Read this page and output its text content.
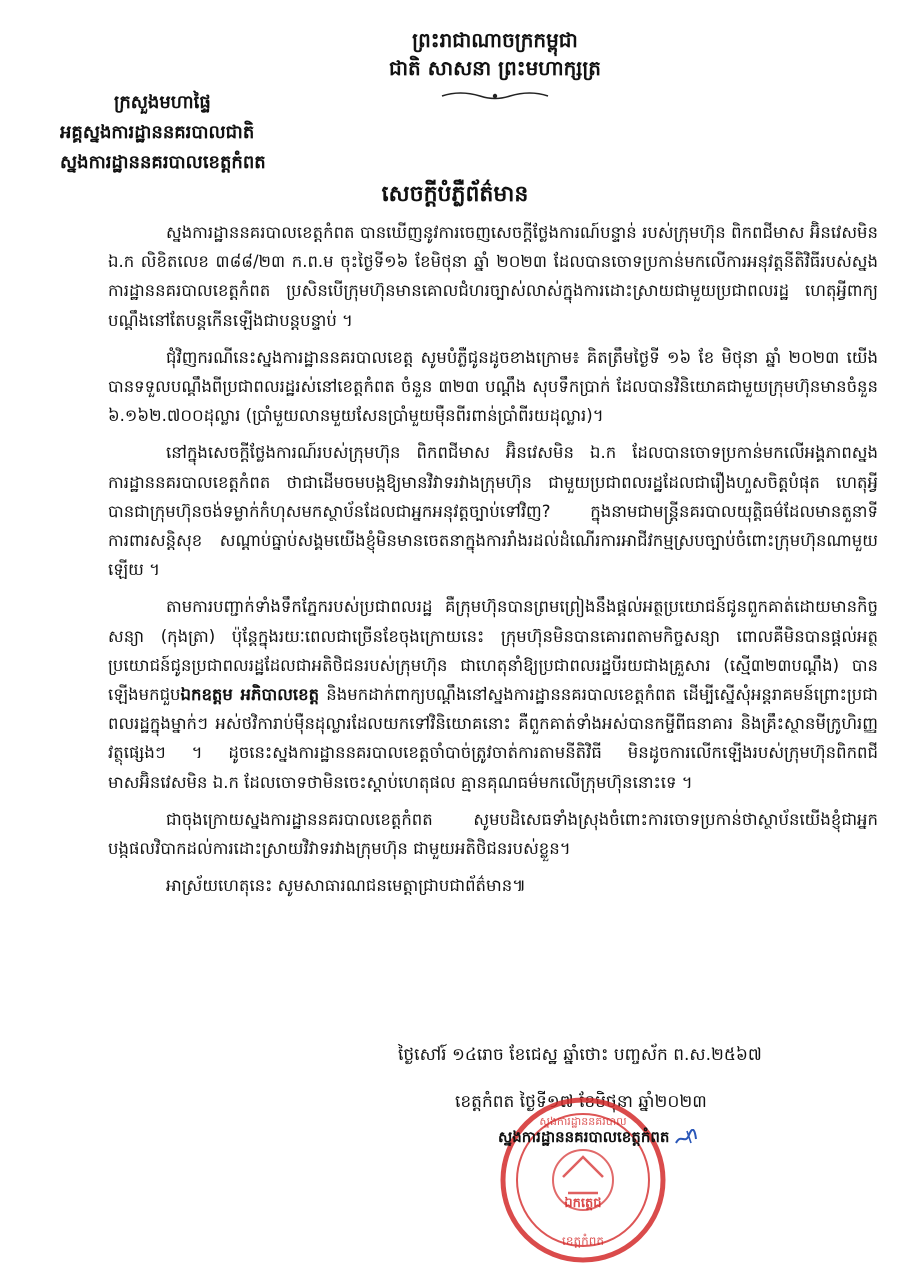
ព្រះរាជាណាចក្រកម្ពុជា
ជាតិ សាសនា ព្រះមហាក្សត្រ
ក្រសួងមហាផ្ទៃ
អគ្គស្នងការដ្ឋាននគរបាលជាតិ
ស្នងការដ្ឋាននគរបាលខេត្តកំពត
សេចក្តីបំភ្លឺព័ត៌មាន

ស្នងការដ្ឋាននគរបាលខេត្តកំពត បានឃើញនូវការចេញសេចក្តីថ្លែងការណ៍បន្ទាន់ របស់ក្រុមហ៊ុន ពិកពជីមាស អ៊ិនវេសមិន ឯ.ក លិខិតលេខ ៣៨៨/២៣ ក.ព.ម ចុះថ្ងៃទី១៦ ខែមិថុនា ឆ្នាំ ២០២៣ ដែលបានចោទប្រកាន់មកលើការអនុវត្តនីតិវិធីរបស់ស្នងការដ្ឋាននគរបាលខេត្តកំពត ប្រសិនបើក្រុមហ៊ុនមានគោលជំហរច្បាស់លាស់ក្នុងការដោះស្រាយជាមួយប្រជាពលរដ្ឋ ហេតុអ្វីពាក្យបណ្តឹងនៅតែបន្តកើនឡើងជាបន្តបន្ទាប់ ។

ជុំវិញករណីនេះស្នងការដ្ឋាននគរបាលខេត្ត សូមបំភ្លឺជូនដូចខាងក្រោម៖ គិតត្រឹមថ្ងៃទី ១៦ ខែ មិថុនា ឆ្នាំ ២០២៣ យើងបានទទួលបណ្តឹងពីប្រជាពលរដ្ឋរស់នៅខេត្តកំពត ចំនួន ៣២៣ បណ្តឹង សុបទឹកប្រាក់ ដែលបានវិនិយោគជាមួយក្រុមហ៊ុនមានចំនួន ៦.១៦២.៧០០ដុល្លារ (ប្រាំមួយលានមួយសែនប្រាំមួយម៉ឺនពីរពាន់ប្រាំពីរយដុល្លារ)។

នៅក្នុងសេចក្តីថ្លែងការណ៍របស់ក្រុមហ៊ុន ពិកពជីមាស អ៊ិនវេសមិន ឯ.ក ដែលបានចោទប្រកាន់មកលើអង្គភាពស្នងការដ្ឋាននគរបាលខេត្តកំពត ថាជាដើមចមបង្កឱ្យមានវិវាទរវាងក្រុមហ៊ុន ជាមួយប្រជាពលរដ្ឋដែលជារឿងហួសចិត្តបំផុត ហេតុអ្វីបានជាក្រុមហ៊ុនចង់ទម្លាក់កំហុសមកស្ថាប័នដែលជាអ្នកអនុវត្តច្បាប់ទៅវិញ? ក្នុងនាមជាមន្ត្រីនគរបាលយុត្តិធម៌ដែលមានតួនាទីការពារសន្តិសុខ សណ្តាប់ធ្នាប់សង្គមយើងខ្ញុំមិនមានចេតនាក្នុងការរាំងរដល់ដំណើរការអាជីវកម្មស្របច្បាប់ចំពោះក្រុមហ៊ុនណាមួយឡើយ ។

តាមការបញ្ជាក់ទាំងទឹកភ្នែករបស់ប្រជាពលរដ្ឋ គឺក្រុមហ៊ុនបានព្រមព្រៀងនឹងផ្តល់អត្ថប្រយោជន៍ជូនពួកគាត់ដោយមានកិច្ចសន្យា (កុងត្រា) ប៉ុន្តែក្នុងរយៈពេលជាច្រើនខែចុងក្រោយនេះ ក្រុមហ៊ុនមិនបានគោរពតាមកិច្ចសន្យា ពោលគឺមិនបានផ្តល់អត្ថប្រយោជន៍ជូនប្រជាពលរដ្ឋដែលជាអតិថិជនរបស់ក្រុមហ៊ុន ជាហេតុនាំឱ្យប្រជាពលរដ្ឋបីរយជាងគ្រួសារ (ស្មើ៣២៣បណ្តឹង) បានឡើងមកជួបឯកឧត្តម អភិបាលខេត្ត និងមកដាក់ពាក្យបណ្តឹងនៅស្នងការដ្ឋាននគរបាលខេត្តកំពត ដើម្បីស្នើសុំអន្តរាគមន៍ព្រោះប្រជាពលរដ្ឋក្នុងម្នាក់ៗ អស់ថវិការាប់ម៉ឺនដុល្លារដែលយកទៅវិនិយោគនោះ គឺពួកគាត់ទាំងអស់បានកម្ចីពីធនាគារ និងគ្រឹះស្ថានមីក្រូហិរញ្ញវត្ថុផ្សេងៗ ។ ដូចនេះស្នងការដ្ឋាននគរបាលខេត្តចាំបាច់ត្រូវចាត់ការតាមនីតិវិធី មិនដូចការលើកឡើងរបស់ក្រុមហ៊ុនពិកពជីមាសអ៊ិនវេសមិន ឯ.ក ដែលចោទថាមិនចេះស្តាប់ហេតុផល គ្មានគុណធម៌មកលើក្រុមហ៊ុននោះទេ ។

ជាចុងក្រោយស្នងការដ្ឋាននគរបាលខេត្តកំពត សូមបដិសេធទាំងស្រុងចំពោះការចោទប្រកាន់ថាស្ថាប័នយើងខ្ញុំជាអ្នកបង្កផលវិបាកដល់ការដោះស្រាយវិវាទរវាងក្រុមហ៊ុន ជាមួយអតិថិជនរបស់ខ្លួន។

អាស្រ័យហេតុនេះ សូមសាធារណជនមេត្តាជ្រាបជាព័ត៌មាន៕

ថ្ងៃសៅរ៍ ១៤រោច ខែជេស្ឋ ឆ្នាំថោះ បញ្ចស័ក ព.ស.២៥៦៧
ខេត្តកំពត ថ្ងៃទី១៧ ខែមិថុនា ឆ្នាំ២០២៣
ស្នងការដ្ឋាននគរបាល
ឯកត្តេជ
ខេត្តកំពត
ស្នងការដ្ឋាននគរបាលខេត្តកំពត
